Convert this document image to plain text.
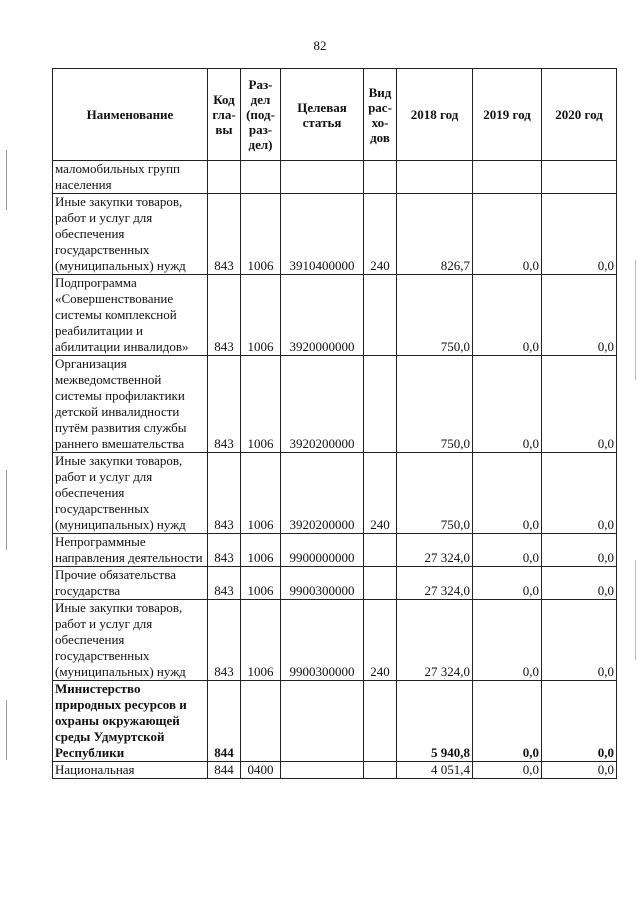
82
Наименование	Код
гла-
вы	Раз-
дел
(под-
раз-
дел)	Целевая
статья	Вид
рас-
хо-
дов	2018 год	2019 год	2020 год
маломобильных групп населения							
Иные закупки товаров, работ и услуг для обеспечения государственных (муниципальных) нужд	843	1006	3910400000	240	826,7	0,0	0,0
Подпрограмма «Совершенствование системы комплексной реабилитации и абилитации инвалидов»	843	1006	3920000000		750,0	0,0	0,0
Организация межведомственной системы профилактики детской инвалидности путём развития службы раннего вмешательства	843	1006	3920200000		750,0	0,0	0,0
Иные закупки товаров, работ и услуг для обеспечения государственных (муниципальных) нужд	843	1006	3920200000	240	750,0	0,0	0,0
Непрограммные направления деятельности	843	1006	9900000000		27 324,0	0,0	0,0
Прочие обязательства государства	843	1006	9900300000		27 324,0	0,0	0,0
Иные закупки товаров, работ и услуг для обеспечения государственных (муниципальных) нужд	843	1006	9900300000	240	27 324,0	0,0	0,0
Министерство природных ресурсов и охраны окружающей среды Удмуртской Республики	844				5 940,8	0,0	0,0
Национальная	844	0400			4 051,4	0,0	0,0
